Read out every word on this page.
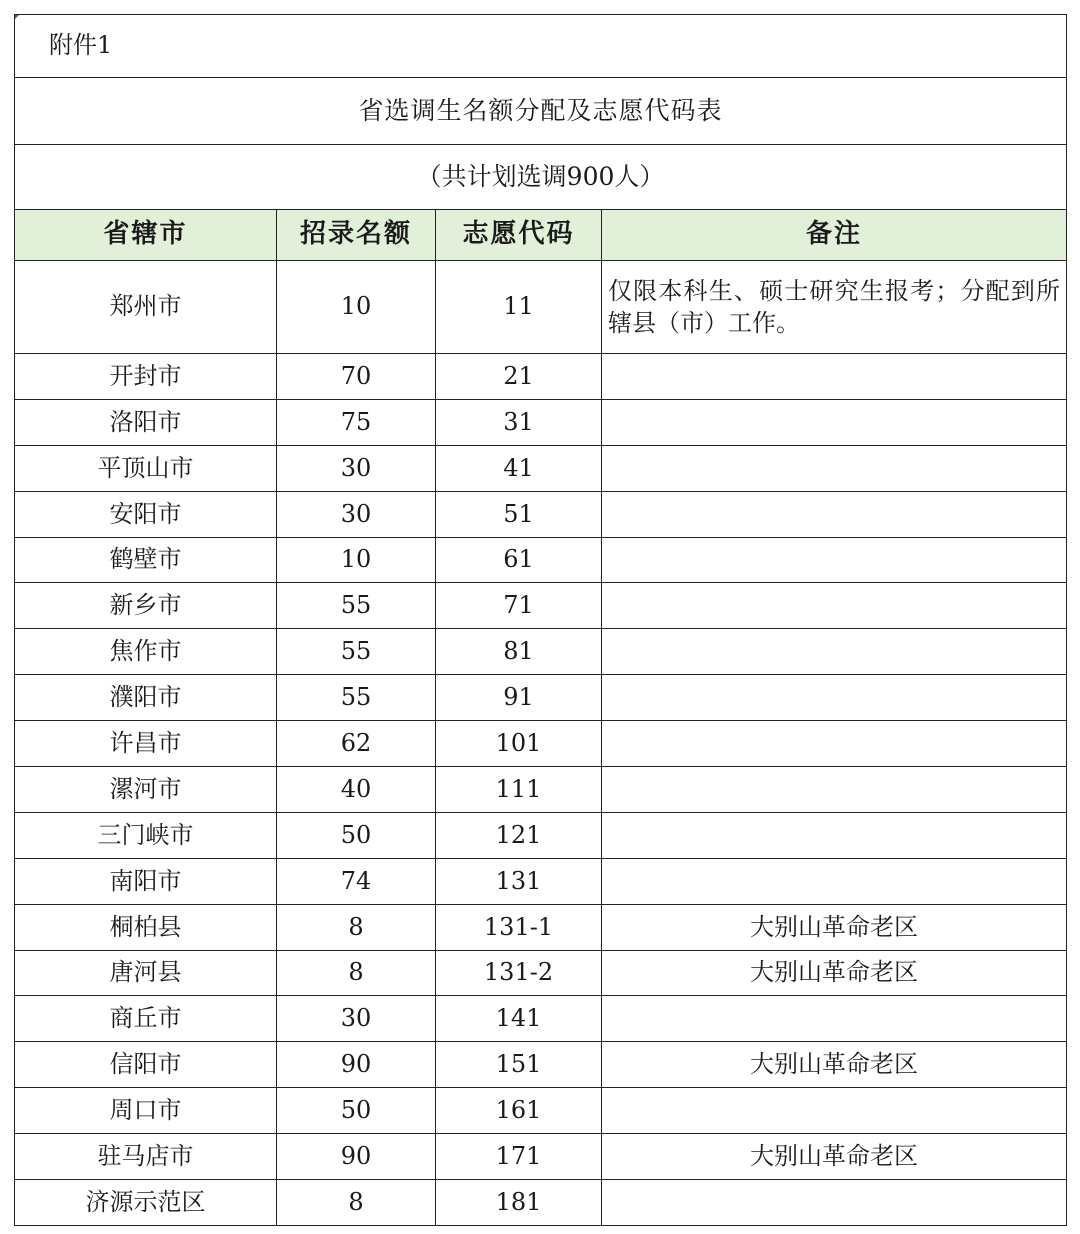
附件1			
省选调生名额分配及志愿代码表			
（共计划选调900人）			
省辖市	招录名额	志愿代码	备注
郑州市	10	11	仅限本科生、硕士研究生报考；分配到所辖县（市）工作。
开封市	70	21	
洛阳市	75	31	
平顶山市	30	41	
安阳市	30	51	
鹤壁市	10	61	
新乡市	55	71	
焦作市	55	81	
濮阳市	55	91	
许昌市	62	101	
漯河市	40	111	
三门峡市	50	121	
南阳市	74	131	
桐柏县	8	131-1	大别山革命老区
唐河县	8	131-2	大别山革命老区
商丘市	30	141	
信阳市	90	151	大别山革命老区
周口市	50	161	
驻马店市	90	171	大别山革命老区
济源示范区	8	181	
